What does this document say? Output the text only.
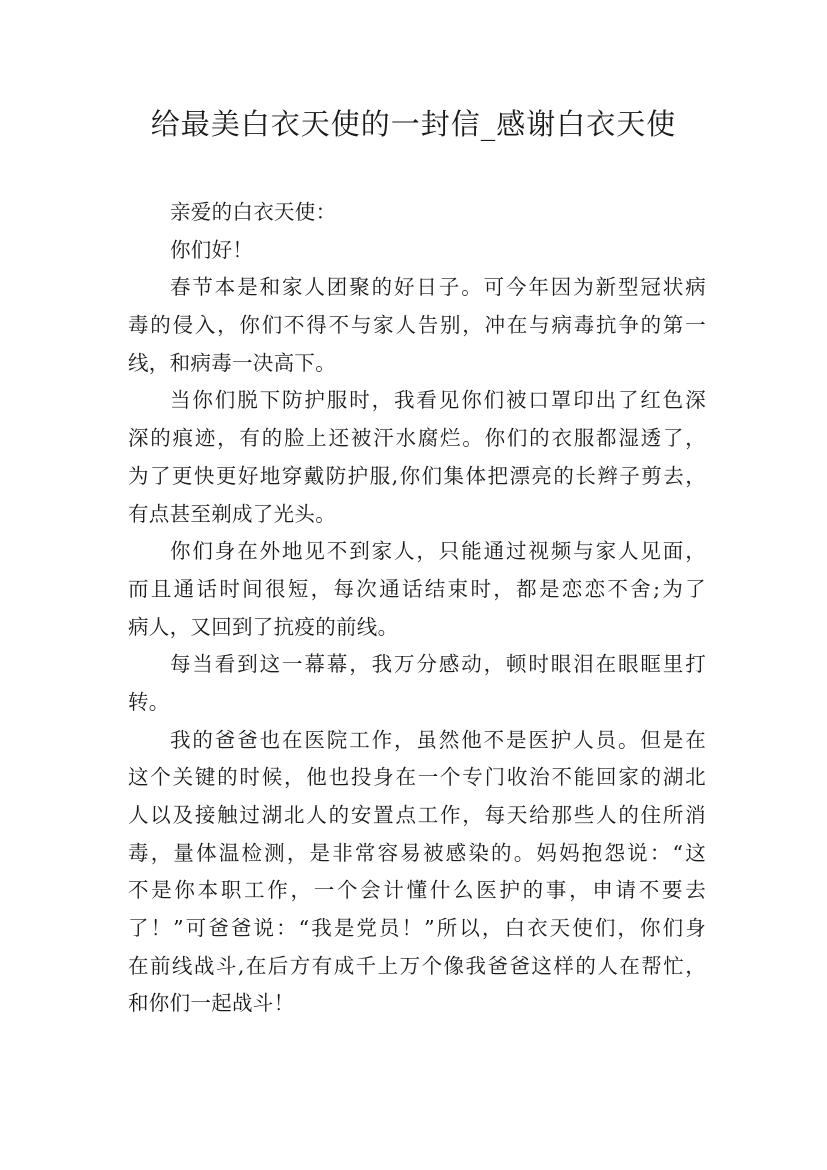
给最美白衣天使的一封信_感谢白衣天使
亲爱的白衣天使：
你们好！
春节本是和家人团聚的好日子。可今年因为新型冠状病
毒的侵入，你们不得不与家人告别，冲在与病毒抗争的第一
线，和病毒一决高下。
当你们脱下防护服时，我看见你们被口罩印出了红色深
深的痕迹，有的脸上还被汗水腐烂。你们的衣服都湿透了，
为了更快更好地穿戴防护服,你们集体把漂亮的长辫子剪去，
有点甚至剃成了光头。
你们身在外地见不到家人，只能通过视频与家人见面，
而且通话时间很短，每次通话结束时，都是恋恋不舍;为了
病人，又回到了抗疫的前线。
每当看到这一幕幕，我万分感动，顿时眼泪在眼眶里打
转。
我的爸爸也在医院工作，虽然他不是医护人员。但是在
这个关键的时候，他也投身在一个专门收治不能回家的湖北
人以及接触过湖北人的安置点工作，每天给那些人的住所消
毒，量体温检测，是非常容易被感染的。妈妈抱怨说：“这
不是你本职工作，一个会计懂什么医护的事，申请不要去
了！”可爸爸说：“我是党员！”所以，白衣天使们，你们身
在前线战斗,在后方有成千上万个像我爸爸这样的人在帮忙，
和你们一起战斗！
